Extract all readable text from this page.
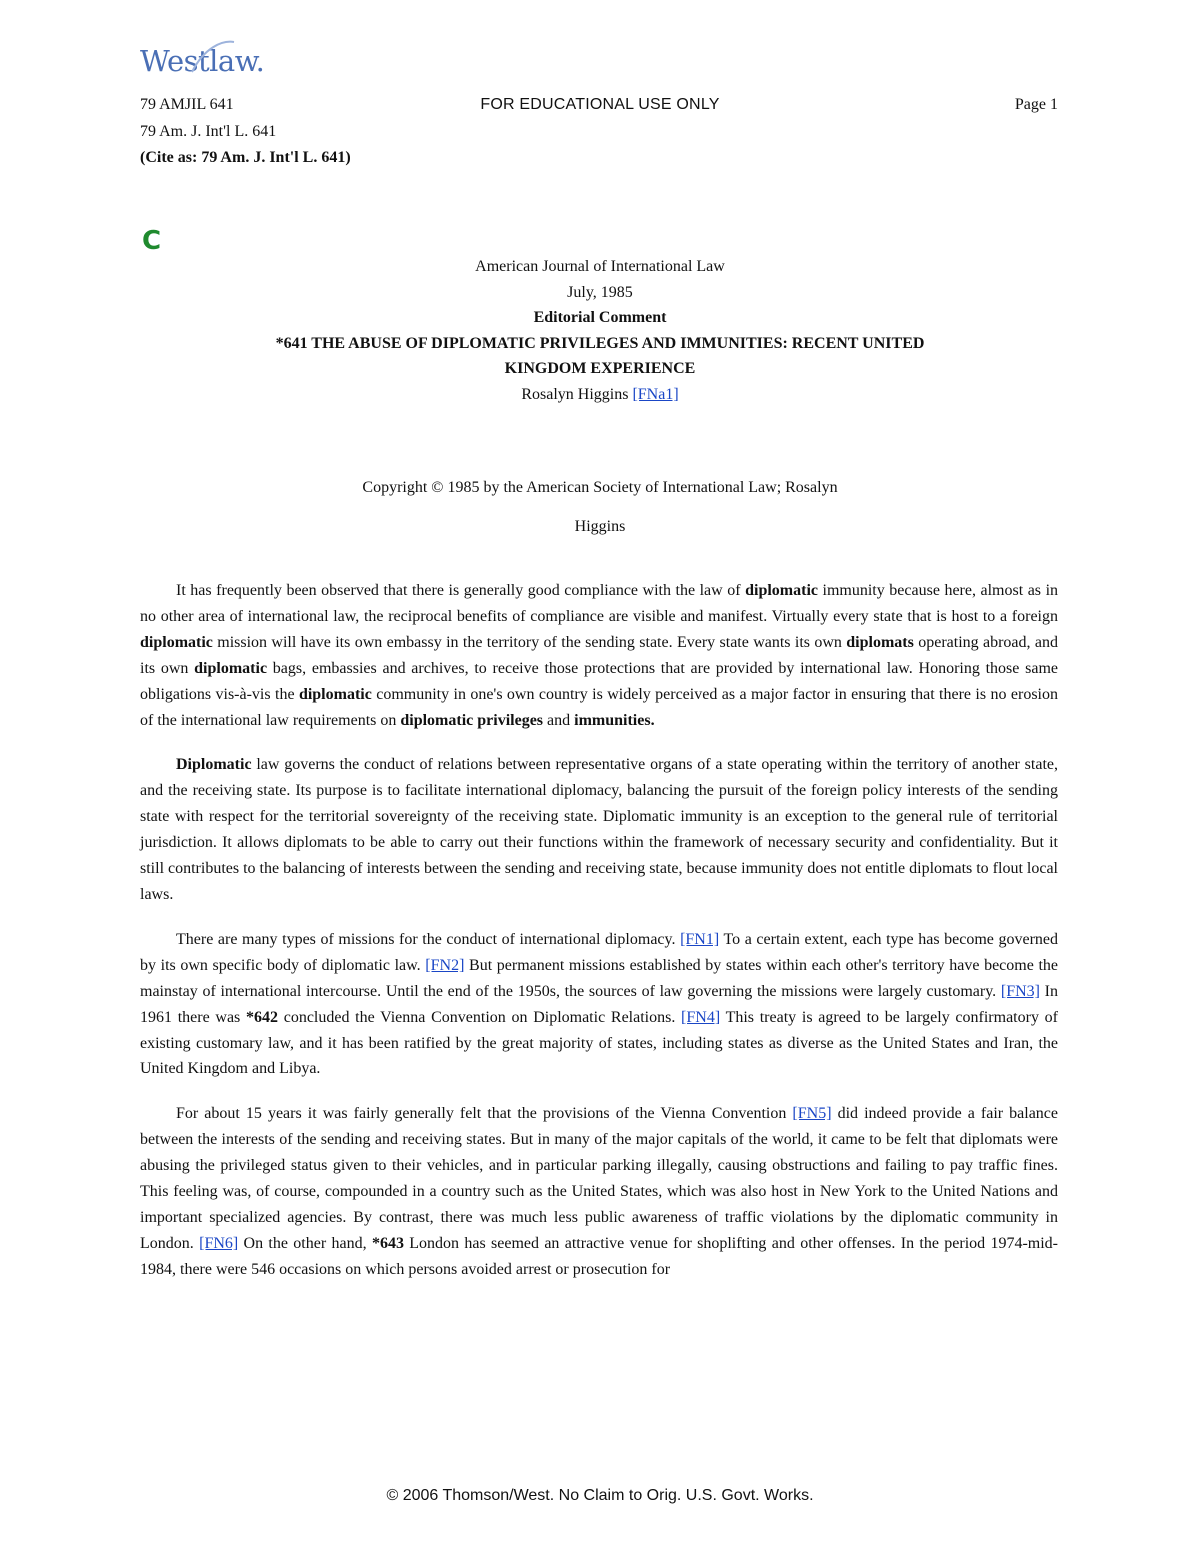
Westlaw.
79 AMJIL 641	FOR EDUCATIONAL USE ONLY	Page 1
79 Am. J. Int'l L. 641
(Cite as: 79 Am. J. Int'l L. 641)
C
American Journal of International Law
July, 1985
Editorial Comment
*641 THE ABUSE OF DIPLOMATIC PRIVILEGES AND IMMUNITIES: RECENT UNITED
KINGDOM EXPERIENCE
Rosalyn Higgins [FNa1]
Copyright © 1985 by the American Society of International Law; Rosalyn
Higgins

It has frequently been observed that there is generally good compliance with the law of diplomatic immunity because here, almost as in no other area of international law, the reciprocal benefits of compliance are visible and manifest. Virtually every state that is host to a foreign diplomatic mission will have its own embassy in the territory of the sending state. Every state wants its own diplomats operating abroad, and its own diplomatic bags, embassies and archives, to receive those protections that are provided by international law. Honoring those same obligations vis-à-vis the diplomatic community in one's own country is widely perceived as a major factor in ensuring that there is no erosion of the international law requirements on diplomatic privileges and immunities.

Diplomatic law governs the conduct of relations between representative organs of a state operating within the territory of another state, and the receiving state. Its purpose is to facilitate international diplomacy, balancing the pursuit of the foreign policy interests of the sending state with respect for the territorial sovereignty of the receiving state. Diplomatic immunity is an exception to the general rule of territorial jurisdiction. It allows diplomats to be able to carry out their functions within the framework of necessary security and confidentiality. But it still contributes to the balancing of interests between the sending and receiving state, because immunity does not entitle diplomats to flout local laws.

There are many types of missions for the conduct of international diplomacy. [FN1] To a certain extent, each type has become governed by its own specific body of diplomatic law. [FN2] But permanent missions established by states within each other's territory have become the mainstay of international intercourse. Until the end of the 1950s, the sources of law governing the missions were largely customary. [FN3] In 1961 there was *642 concluded the Vienna Convention on Diplomatic Relations. [FN4] This treaty is agreed to be largely confirmatory of existing customary law, and it has been ratified by the great majority of states, including states as diverse as the United States and Iran, the United Kingdom and Libya.

For about 15 years it was fairly generally felt that the provisions of the Vienna Convention [FN5] did indeed provide a fair balance between the interests of the sending and receiving states. But in many of the major capitals of the world, it came to be felt that diplomats were abusing the privileged status given to their vehicles, and in particular parking illegally, causing obstructions and failing to pay traffic fines. This feeling was, of course, compounded in a country such as the United States, which was also host in New York to the United Nations and important specialized agencies. By contrast, there was much less public awareness of traffic violations by the diplomatic community in London. [FN6] On the other hand, *643 London has seemed an attractive venue for shoplifting and other offenses. In the period 1974-mid-1984, there were 546 occasions on which persons avoided arrest or prosecution for

© 2006 Thomson/West. No Claim to Orig. U.S. Govt. Works.
